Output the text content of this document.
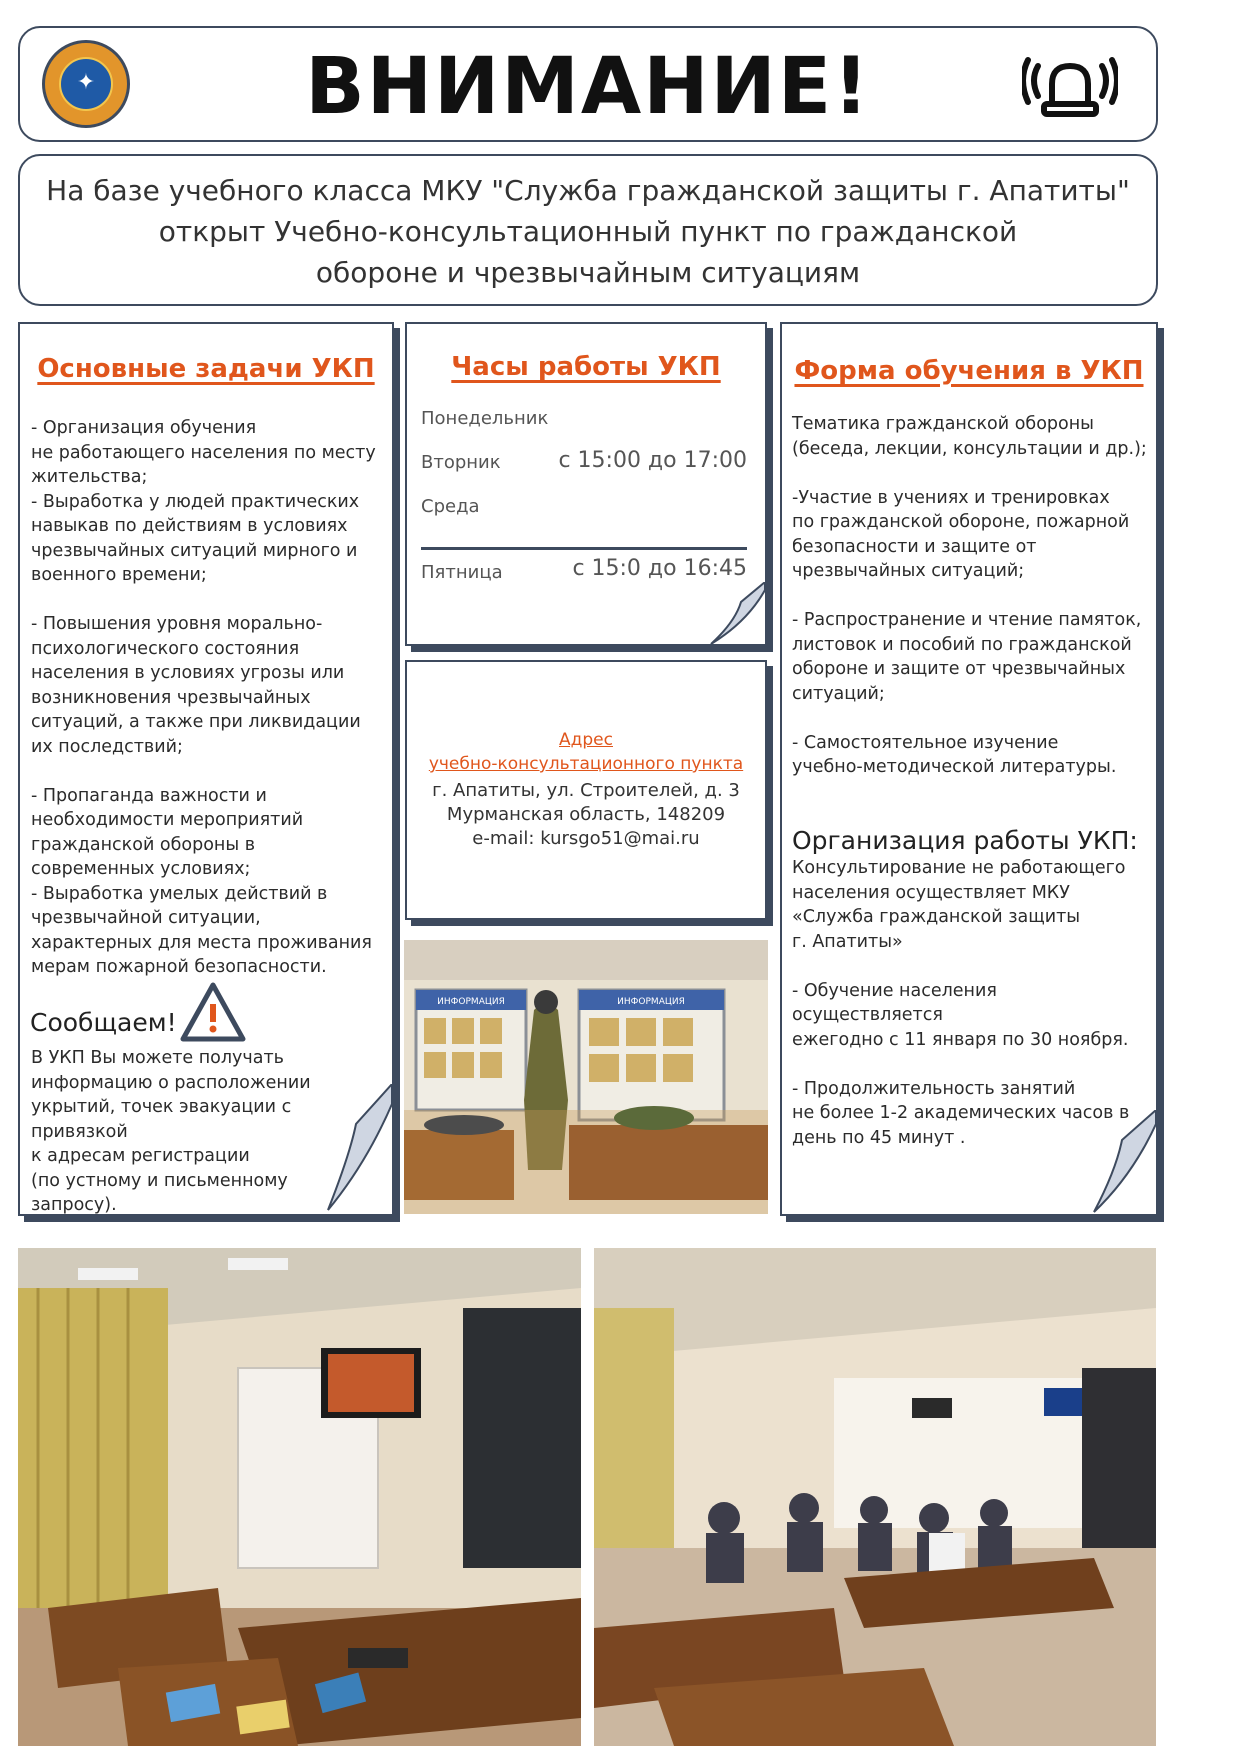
✦	ВНИМАНИЕ!

На базе учебного класса МКУ "Служба гражданской защиты г. Апатиты"
открыт Учебно-консультационный пункт по гражданской
обороне и чрезвычайным ситуациям

Основные задачи УКП
- Организация обучения
не работающего населения по месту
жительства;
- Выработка у людей практических
навыкав по действиям в условиях
чрезвычайных ситуаций мирного и
военного времени;

- Повышения уровня морально-
психологического состояния
населения в условиях угрозы или
возникновения чрезвычайных
ситуаций, а также при ликвидации
их последствий;

- Пропаганда важности и
необходимости мероприятий
гражданской обороны в
современных условиях;
- Выработка умелых действий в
чрезвычайной ситуации,
характерных для места проживания
мерам пожарной безопасности.
Сообщаем!
В УКП Вы можете получать
информацию о расположении
укрытий, точек эвакуации с привязкой
к адресам регистрации
(по устному и письменному
запросу).
Часы работы УКП
Понедельник
Вторник	с 15:00 до 17:00
Среда
Пятница	с 15:0 до 16:45
Адрес
учебно-консультационного пункта
г. Апатиты, ул. Строителей, д. 3
Мурманская область, 148209
e-mail: kursgo51@mai.ru
Форма обучения в УКП
Тематика гражданской обороны
(беседа, лекции, консультации и др.);

-Участие в учениях и тренировках
по гражданской обороне, пожарной
безопасности и защите от
чрезвычайных ситуаций;

- Распространение и чтение памяток,
листовок и пособий по гражданской
обороне и защите от чрезвычайных
ситуаций;

- Самостоятельное изучение
учебно-методической литературы.
Организация работы УКП:
Консультирование не работающего
населения осуществляет МКУ
«Служба гражданской защиты
г. Апатиты»

- Обучение населения осуществляется
ежегодно с 11 января по 30 ноября.

- Продолжительность занятий
не более 1-2 академических часов в
день по 45 минут .
ИНФОРМАЦИЯ	ИНФОРМАЦИЯ
